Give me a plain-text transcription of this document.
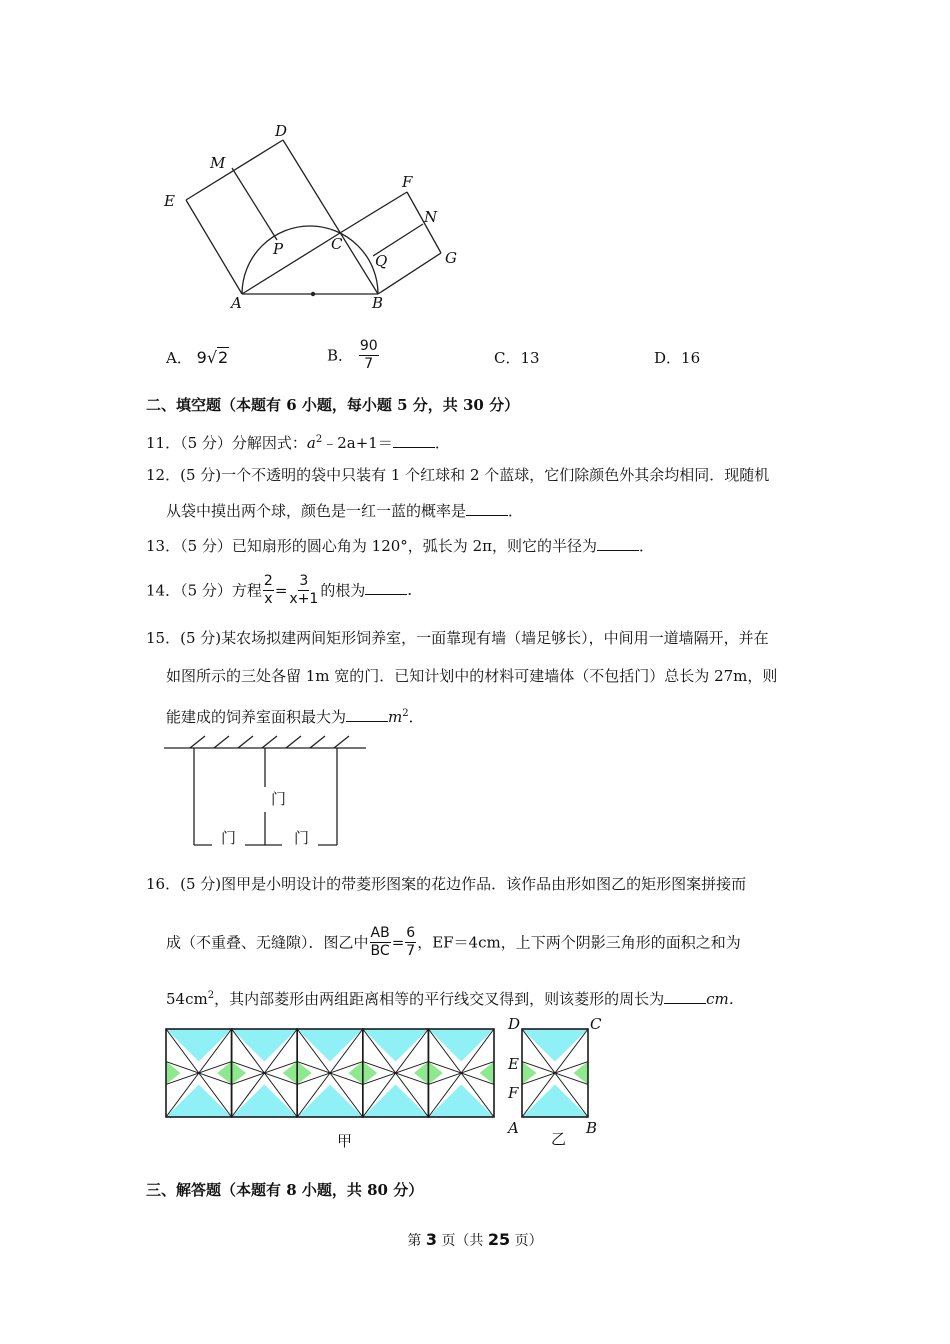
D
M
E
F
N
P	C
Q	G
A	B
A． 9√2	B． $\frac{90}{7}$	C．13	D．16
二、填空题（本题有 6 小题，每小题 5 分，共 30 分）
11．（5 分）分解因式：$a^2﹣2a+1=$	．
12．(5 分)一个不透明的袋中只装有 1 个红球和 2 个蓝球，它们除颜色外其余均相同．现随机
从袋中摸出两个球，颜色是一红一蓝的概率是	．
13．（5 分）已知扇形的圆心角为 120°，弧长为 2π，则它的半径为	．
14．（5 分）方程 $\frac{2}{x} = \frac{3}{x+1}$ 的根为	．
15．(5 分)某农场拟建两间矩形饲养室，一面靠现有墙（墙足够长），中间用一道墙隔开，并在
如图所示的三处各留 1m 宽的门．已知计划中的材料可建墙体（不包括门）总长为 27m，则
能建成的饲养室面积最大为	$m^2$．
门
门	门
16．(5 分)图甲是小明设计的带菱形图案的花边作品．该作品由形如图乙的矩形图案拼接而
成（不重叠、无缝隙）．图乙中 $\frac{AB}{BC} = \frac{6}{7}$ ，EF＝4cm，上下两个阴影三角形的面积之和为
$54cm^2$，其内部菱形由两组距离相等的平行线交叉得到，则该菱形的周长为	cm．
D	C
E
F
A	B
甲	乙
三、解答题（本题有 8 小题，共 80 分）
第 3 页（共 25 页）
